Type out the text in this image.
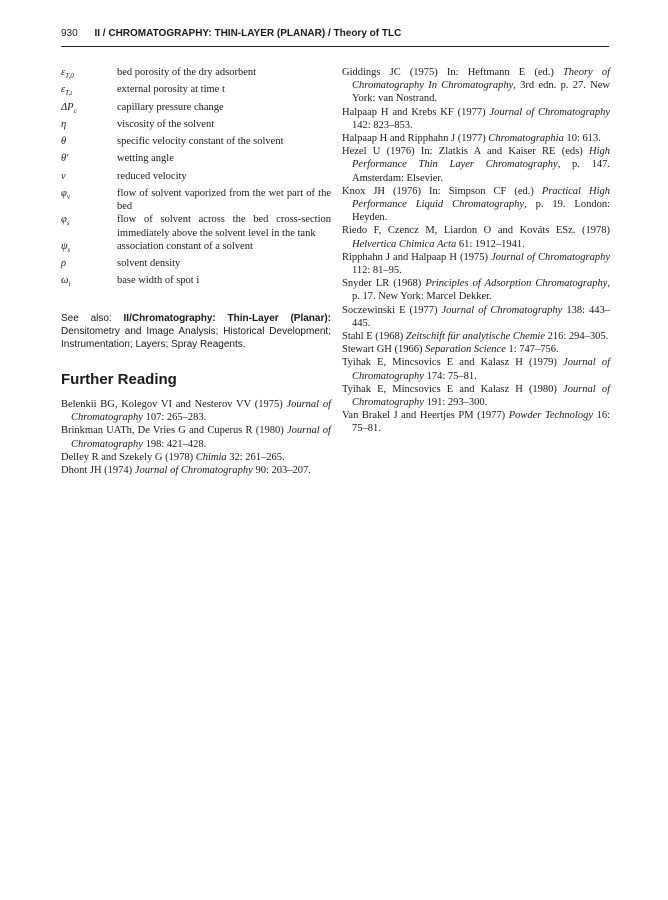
930 II / CHROMATOGRAPHY: THIN-LAYER (PLANAR) / Theory of TLC
$\varepsilon_{T,0}$	bed porosity of the dry adsorbent
$\varepsilon_{T,t}$	external porosity at time t
$\Delta P_c$	capillary pressure change
η	viscosity of the solvent
θ	specific velocity constant of the solvent
θ′	wetting angle
ν	reduced velocity
$\varphi_v$	flow of solvent vaporized from the wet part of the bed
$\varphi_s$	flow of solvent across the bed cross-section immediately above the solvent level in the tank
$\psi_s$	association constant of a solvent
ρ	solvent density
$\omega_i$	base width of spot i
See also: II/Chromatography: Thin-Layer (Planar): Densitometry and Image Analysis; Historical Development; Instrumentation; Layers; Spray Reagents.
Further Reading
Belenkii BG, Kolegov VI and Nesterov VV (1975) Journal of Chromatography 107: 265–283.
Brinkman UATh, De Vries G and Cuperus R (1980) Journal of Chromatography 198: 421–428.
Delley R and Szekely G (1978) Chimia 32: 261–265.
Dhont JH (1974) Journal of Chromatography 90: 203–207.
Giddings JC (1975) In: Heftmann E (ed.) Theory of Chromatography In Chromatography, 3rd edn. p. 27. New York: van Nostrand.
Halpaap H and Krebs KF (1977) Journal of Chromatography 142: 823–853.
Halpaap H and Ripphahn J (1977) Chromatographia 10: 613.
Hezel U (1976) In: Zlatkis A and Kaiser RE (eds) High Performance Thin Layer Chromatography, p. 147. Amsterdam: Elsevier.
Knox JH (1976) In: Simpson CF (ed.) Practical High Performance Liquid Chromatography, p. 19. London: Heyden.
Riedo F, Czencz M, Liardon O and Kováts ESz. (1978) Helvertica Chimica Acta 61: 1912–1941.
Ripphahn J and Halpaap H (1975) Journal of Chromatography 112: 81–95.
Snyder LR (1968) Principles of Adsorption Chromatography, p. 17. New York: Marcel Dekker.
Soczewinski E (1977) Journal of Chromatography 138: 443–445.
Stahl E (1968) Zeitschift für analytische Chemie 216: 294–305.
Stewart GH (1966) Separation Science 1: 747–756.
Tyihak E, Mincsovics E and Kalasz H (1979) Journal of Chromatography 174: 75–81.
Tyihak E, Mincsovics E and Kalasz H (1980) Journal of Chromatography 191: 293–300.
Van Brakel J and Heertjes PM (1977) Powder Technology 16: 75–81.
